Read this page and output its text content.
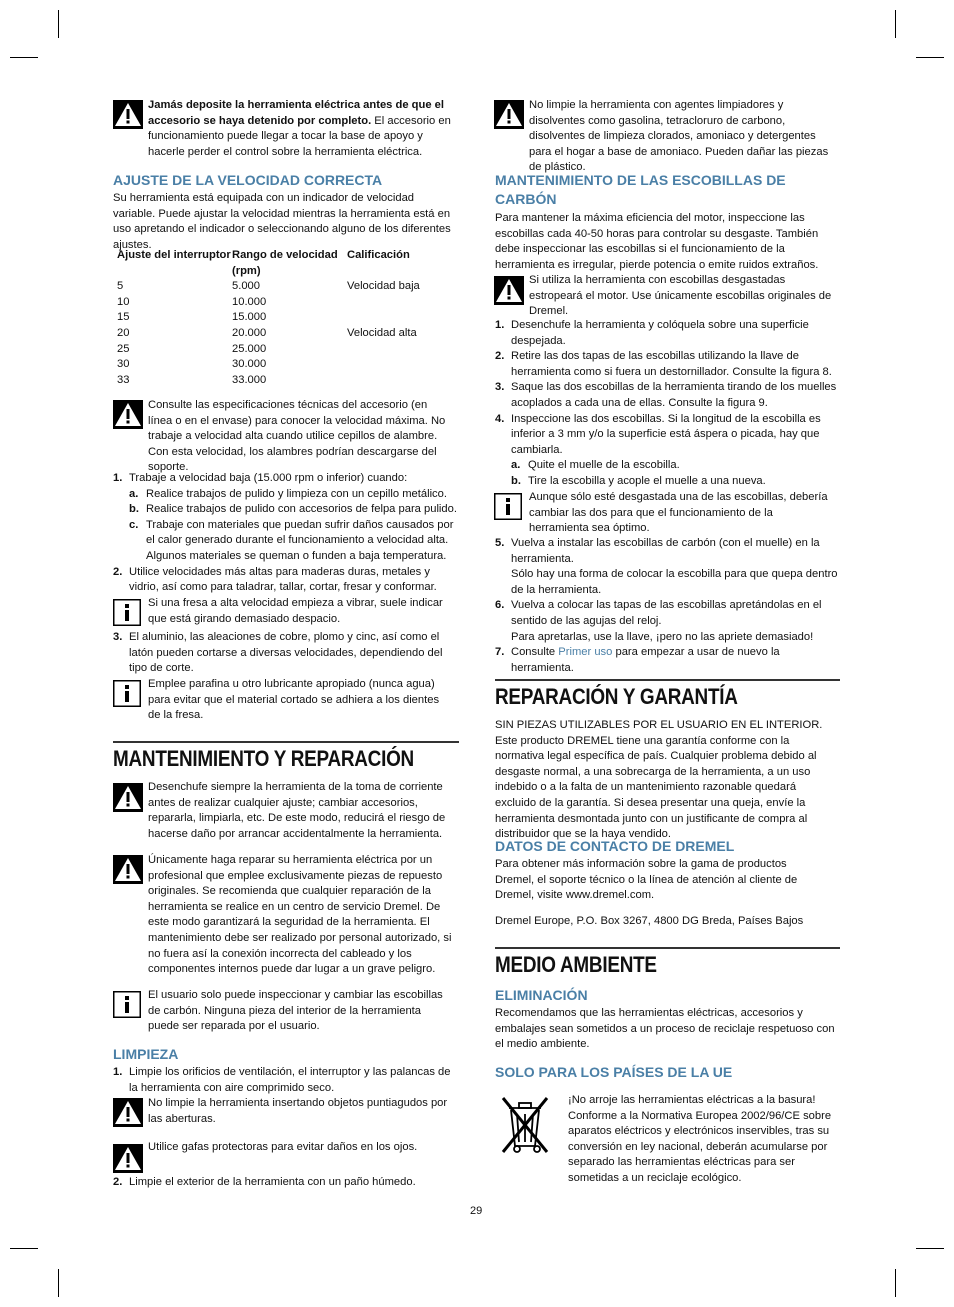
Jamás deposite la herramienta eléctrica antes de que el accesorio se haya detenido por completo. El accesorio en funcionamiento puede llegar a tocar la base de apoyo y hacerle perder el control sobre la herramienta eléctrica.
AJUSTE DE LA VELOCIDAD CORRECTA
Su herramienta está equipada con un indicador de velocidad variable. Puede ajustar la velocidad mientras la herramienta está en uso apretando el indicador o seleccionando alguno de los diferentes ajustes.
Ajuste del interruptor	Rango de velocidad (rpm)	Calificación
5	5.000	Velocidad baja
10	10.000	
15	15.000	
20	20.000	Velocidad alta
25	25.000	
30	30.000	
33	33.000	
Consulte las especificaciones técnicas del accesorio (en línea o en el envase) para conocer la velocidad máxima. No trabaje a velocidad alta cuando utilice cepillos de alambre. Con esta velocidad, los alambres podrían descargarse del soporte.
1. Trabaje a velocidad baja (15.000 rpm o inferior) cuando:
a. Realice trabajos de pulido y limpieza con un cepillo metálico.
b. Realice trabajos de pulido con accesorios de felpa para pulido.
c. Trabaje con materiales que puedan sufrir daños causados por el calor generado durante el funcionamiento a velocidad alta. Algunos materiales se queman o funden a baja temperatura.
2. Utilice velocidades más altas para maderas duras, metales y vidrio, así como para taladrar, tallar, cortar, fresar y conformar.
Si una fresa a alta velocidad empieza a vibrar, suele indicar que está girando demasiado despacio.
3. El aluminio, las aleaciones de cobre, plomo y cinc, así como el latón pueden cortarse a diversas velocidades, dependiendo del tipo de corte.
Emplee parafina u otro lubricante apropiado (nunca agua) para evitar que el material cortado se adhiera a los dientes de la fresa.
MANTENIMIENTO Y REPARACIÓN
Desenchufe siempre la herramienta de la toma de corriente antes de realizar cualquier ajuste; cambiar accesorios, repararla, limpiarla, etc. De este modo, reducirá el riesgo de hacerse daño por arrancar accidentalmente la herramienta.
Únicamente haga reparar su herramienta eléctrica por un profesional que emplee exclusivamente piezas de repuesto originales. Se recomienda que cualquier reparación de la herramienta se realice en un centro de servicio Dremel. De este modo garantizará la seguridad de la herramienta. El mantenimiento debe ser realizado por personal autorizado, si no fuera así la conexión incorrecta del cableado y los componentes internos puede dar lugar a un grave peligro.
El usuario solo puede inspeccionar y cambiar las escobillas de carbón. Ninguna pieza del interior de la herramienta puede ser reparada por el usuario.
LIMPIEZA
1. Limpie los orificios de ventilación, el interruptor y las palancas de la herramienta con aire comprimido seco.
No limpie la herramienta insertando objetos puntiagudos por las aberturas.
Utilice gafas protectoras para evitar daños en los ojos.
2. Limpie el exterior de la herramienta con un paño húmedo.
No limpie la herramienta con agentes limpiadores y disolventes como gasolina, tetracloruro de carbono, disolventes de limpieza clorados, amoniaco y detergentes para el hogar a base de amoniaco. Pueden dañar las piezas de plástico.
MANTENIMIENTO DE LAS ESCOBILLAS DE CARBÓN
Para mantener la máxima eficiencia del motor, inspeccione las escobillas cada 40-50 horas para controlar su desgaste. También debe inspeccionar las escobillas si el funcionamiento de la herramienta es irregular, pierde potencia o emite ruidos extraños.
Si utiliza la herramienta con escobillas desgastadas estropeará el motor. Use únicamente escobillas originales de Dremel.
1. Desenchufe la herramienta y colóquela sobre una superficie despejada.
2. Retire las dos tapas de las escobillas utilizando la llave de herramienta como si fuera un destornillador. Consulte la figura 8.
3. Saque las dos escobillas de la herramienta tirando de los muelles acoplados a cada una de ellas. Consulte la figura 9.
4. Inspeccione las dos escobillas. Si la longitud de la escobilla es inferior a 3 mm y/o la superficie está áspera o picada, hay que cambiarla.
a. Quite el muelle de la escobilla.
b. Tire la escobilla y acople el muelle a una nueva.
Aunque sólo esté desgastada una de las escobillas, debería cambiar las dos para que el funcionamiento de la herramienta sea óptimo.
5. Vuelva a instalar las escobillas de carbón (con el muelle) en la herramienta.
Sólo hay una forma de colocar la escobilla para que quepa dentro de la herramienta.
6. Vuelva a colocar las tapas de las escobillas apretándolas en el sentido de las agujas del reloj.
Para apretarlas, use la llave, ¡pero no las apriete demasiado!
7. Consulte Primer uso para empezar a usar de nuevo la herramienta.
REPARACIÓN Y GARANTÍA
SIN PIEZAS UTILIZABLES POR EL USUARIO EN EL INTERIOR. Este producto DREMEL tiene una garantía conforme con la normativa legal específica de país. Cualquier problema debido al desgaste normal, a una sobrecarga de la herramienta, a un uso indebido o a la falta de un mantenimiento razonable quedará excluido de la garantía. Si desea presentar una queja, envíe la herramienta desmontada junto con un justificante de compra al distribuidor que se la haya vendido.
DATOS DE CONTACTO DE DREMEL
Para obtener más información sobre la gama de productos Dremel, el soporte técnico o la línea de atención al cliente de Dremel, visite www.dremel.com.
Dremel Europe, P.O. Box 3267, 4800 DG Breda, Países Bajos
MEDIO AMBIENTE
ELIMINACIÓN
Recomendamos que las herramientas eléctricas, accesorios y embalajes sean sometidos a un proceso de reciclaje respetuoso con el medio ambiente.
SOLO PARA LOS PAÍSES DE LA UE
¡No arroje las herramientas eléctricas a la basura! Conforme a la Normativa Europea 2002/96/CE sobre aparatos eléctricos y electrónicos inservibles, tras su conversión en ley nacional, deberán acumularse por separado las herramientas eléctricas para ser sometidas a un reciclaje ecológico.
29
